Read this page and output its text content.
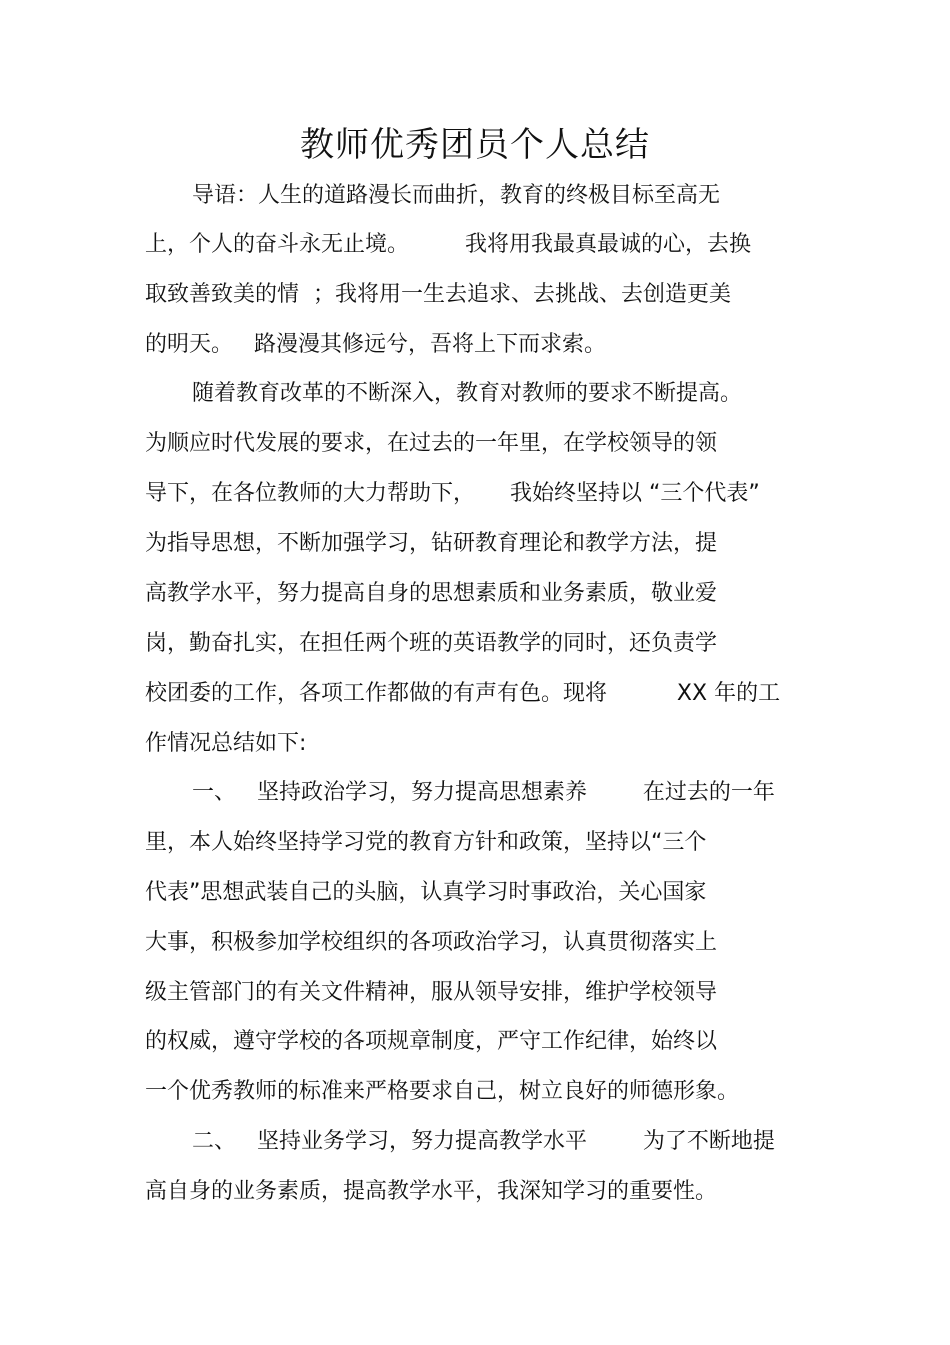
教师优秀团员个人总结
导语：人生的道路漫长而曲折，教育的终极目标至高无
上，个人的奋斗永无止境。        我将用我最真最诚的心，去换
取致善致美的情  ；我将用一生去追求、去挑战、去创造更美
的明天。   路漫漫其修远兮，吾将上下而求索。
随着教育改革的不断深入，教育对教师的要求不断提高。
为顺应时代发展的要求，在过去的一年里，在学校领导的领
导下，在各位教师的大力帮助下，     我始终坚持以 “三个代表”
为指导思想，不断加强学习，钻研教育理论和教学方法，提
高教学水平，努力提高自身的思想素质和业务素质，敬业爱
岗，勤奋扎实，在担任两个班的英语教学的同时，还负责学
校团委的工作，各项工作都做的有声有色。现将          XX 年的工
作情况总结如下:
一、   坚持政治学习，努力提高思想素养        在过去的一年
里，本人始终坚持学习党的教育方针和政策，坚持以“三个
代表”思想武装自己的头脑，认真学习时事政治，关心国家
大事，积极参加学校组织的各项政治学习，认真贯彻落实上
级主管部门的有关文件精神，服从领导安排，维护学校领导
的权威，遵守学校的各项规章制度，严守工作纪律，始终以
一个优秀教师的标准来严格要求自己，树立良好的师德形象。
二、   坚持业务学习，努力提高教学水平        为了不断地提
高自身的业务素质，提高教学水平，我深知学习的重要性。
